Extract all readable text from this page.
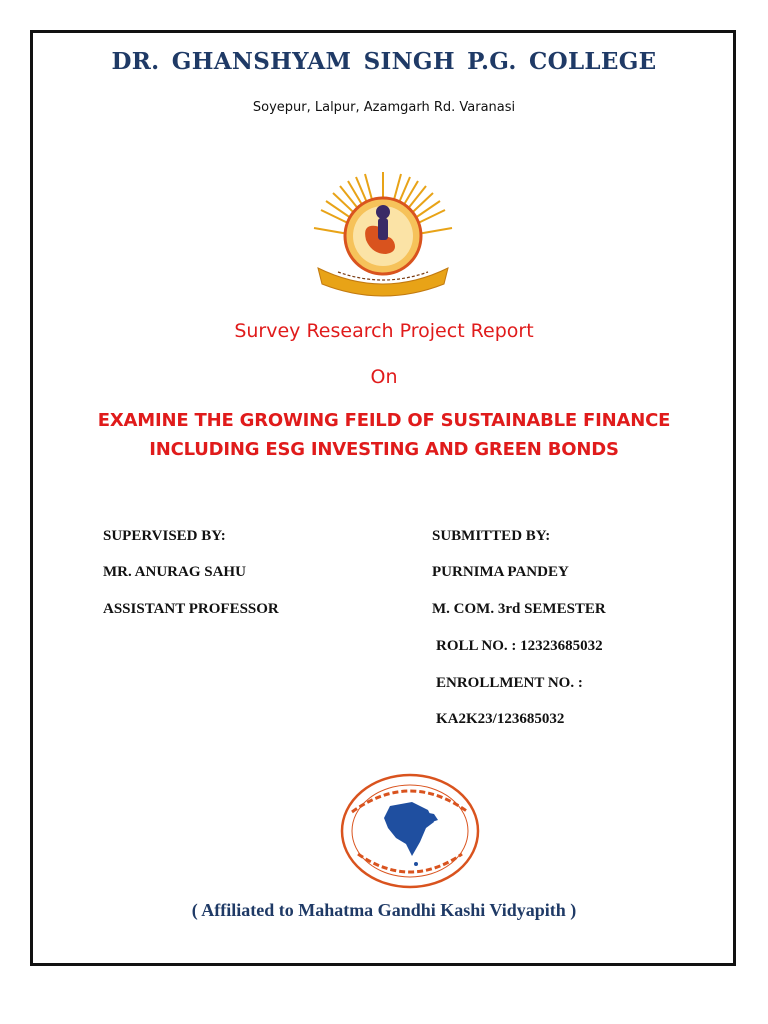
DR. GHANSHYAM SINGH P.G. COLLEGE
Soyepur, Lalpur, Azamgarh Rd. Varanasi
Survey Research Project Report
On
EXAMINE THE GROWING FEILD OF SUSTAINABLE FINANCE
INCLUDING ESG INVESTING AND GREEN BONDS
SUPERVISED BY:
MR. ANURAG SAHU
ASSISTANT PROFESSOR
SUBMITTED BY:
PURNIMA PANDEY
M. COM. 3rd SEMESTER
ROLL NO. : 12323685032
ENROLLMENT NO. :
KA2K23/123685032
( Affiliated to Mahatma Gandhi Kashi Vidyapith )
